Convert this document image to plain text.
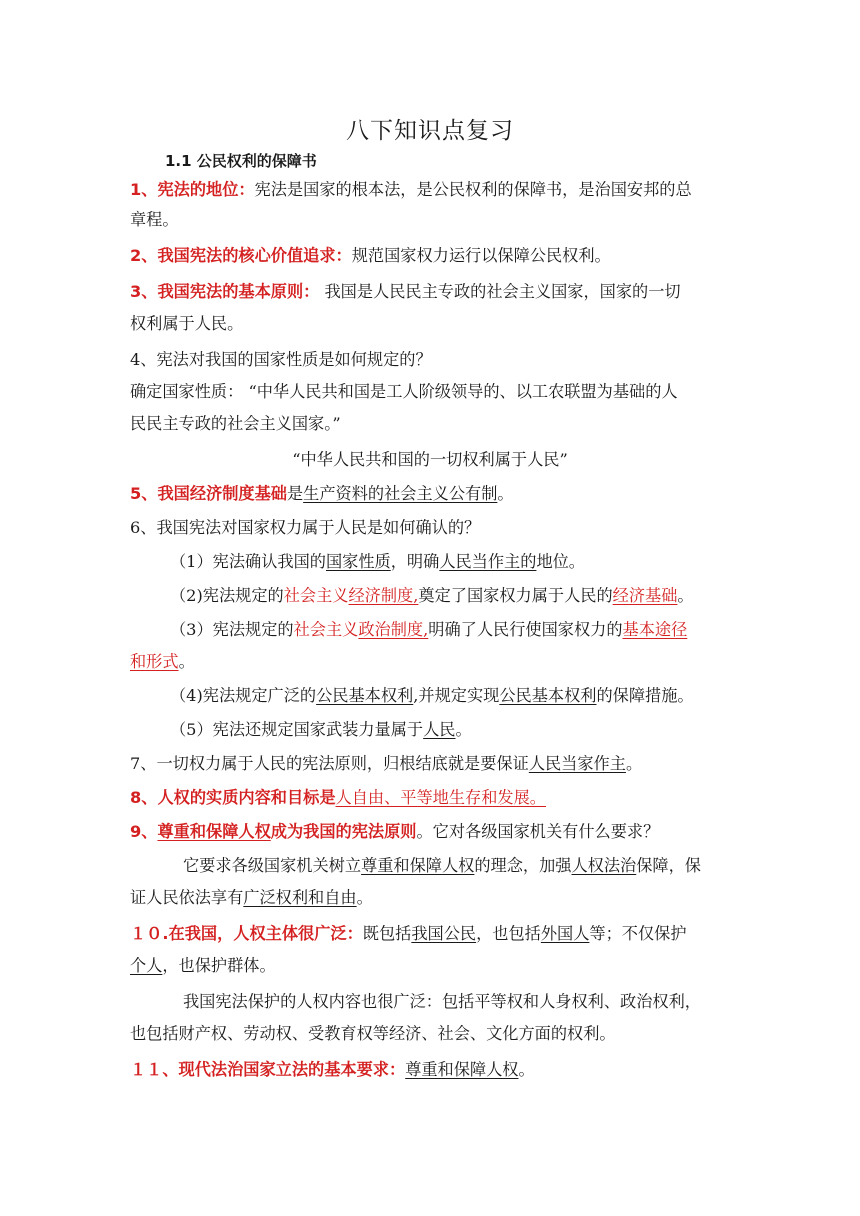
八下知识点复习
1.1 公民权利的保障书
1、宪法的地位：宪法是国家的根本法，是公民权利的保障书，是治国安邦的总
章程。
2、我国宪法的核心价值追求：规范国家权力运行以保障公民权利。
3、我国宪法的基本原则： 我国是人民民主专政的社会主义国家，国家的一切
权利属于人民。
4、宪法对我国的国家性质是如何规定的？
确定国家性质： “中华人民共和国是工人阶级领导的、以工农联盟为基础的人
民民主专政的社会主义国家。”
“中华人民共和国的一切权利属于人民”
5、我国经济制度基础是生产资料的社会主义公有制。
6、我国宪法对国家权力属于人民是如何确认的？
（1）宪法确认我国的国家性质，明确人民当作主的地位。
（2)宪法规定的社会主义经济制度,奠定了国家权力属于人民的经济基础。
（3）宪法规定的社会主义政治制度,明确了人民行使国家权力的基本途径
和形式。
（4)宪法规定广泛的公民基本权利,并规定实现公民基本权利的保障措施。
（5）宪法还规定国家武装力量属于人民。
7、一切权力属于人民的宪法原则，归根结底就是要保证人民当家作主。
8、人权的实质内容和目标是人自由、平等地生存和发展。
9、尊重和保障人权成为我国的宪法原则。它对各级国家机关有什么要求？
它要求各级国家机关树立尊重和保障人权的理念，加强人权法治保障，保
证人民依法享有广泛权利和自由。
１０.在我国，人权主体很广泛：既包括我国公民，也包括外国人等；不仅保护
个人，也保护群体。
我国宪法保护的人权内容也很广泛：包括平等权和人身权利、政治权利，
也包括财产权、劳动权、受教育权等经济、社会、文化方面的权利。
１１、现代法治国家立法的基本要求：尊重和保障人权。
